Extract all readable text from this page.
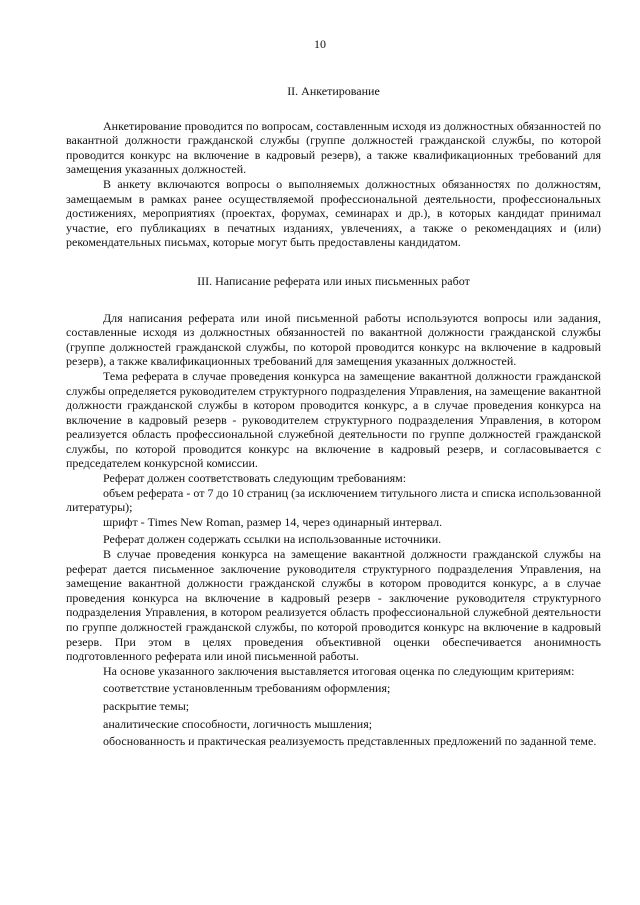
10
II. Анкетирование

Анкетирование проводится по вопросам, составленным исходя из должностных обязанностей по вакантной должности гражданской службы (группе должностей гражданской службы, по которой проводится конкурс на включение в кадровый резерв), а также квалификационных требований для замещения указанных должностей.

В анкету включаются вопросы о выполняемых должностных обязанностях по должностям, замещаемым в рамках ранее осуществляемой профессиональной деятельности, профессиональных достижениях, мероприятиях (проектах, форумах, семинарах и др.), в которых кандидат принимал участие, его публикациях в печатных изданиях, увлечениях, а также о рекомендациях и (или) рекомендательных письмах, которые могут быть предоставлены кандидатом.

III. Написание реферата или иных письменных работ

Для написания реферата или иной письменной работы используются вопросы или задания, составленные исходя из должностных обязанностей по вакантной должности гражданской службы (группе должностей гражданской службы, по которой проводится конкурс на включение в кадровый резерв), а также квалификационных требований для замещения указанных должностей.

Тема реферата в случае проведения конкурса на замещение вакантной должности гражданской службы определяется руководителем структурного подразделения Управления, на замещение вакантной должности гражданской службы в котором проводится конкурс, а в случае проведения конкурса на включение в кадровый резерв - руководителем структурного подразделения Управления, в котором реализуется область профессиональной служебной деятельности по группе должностей гражданской службы, по которой проводится конкурс на включение в кадровый резерв, и согласовывается с председателем конкурсной комиссии.

Реферат должен соответствовать следующим требованиям:

объем реферата - от 7 до 10 страниц (за исключением титульного листа и списка использованной литературы);

шрифт - Times New Roman, размер 14, через одинарный интервал.

Реферат должен содержать ссылки на использованные источники.

В случае проведения конкурса на замещение вакантной должности гражданской службы на реферат дается письменное заключение руководителя структурного подразделения Управления, на замещение вакантной должности гражданской службы в котором проводится конкурс, а в случае проведения конкурса на включение в кадровый резерв - заключение руководителя структурного подразделения Управления, в котором реализуется область профессиональной служебной деятельности по группе должностей гражданской службы, по которой проводится конкурс на включение в кадровый резерв. При этом в целях проведения объективной оценки обеспечивается анонимность подготовленного реферата или иной письменной работы.

На основе указанного заключения выставляется итоговая оценка по следующим критериям:

соответствие установленным требованиям оформления;

раскрытие темы;

аналитические способности, логичность мышления;

обоснованность и практическая реализуемость представленных предложений по заданной теме.
